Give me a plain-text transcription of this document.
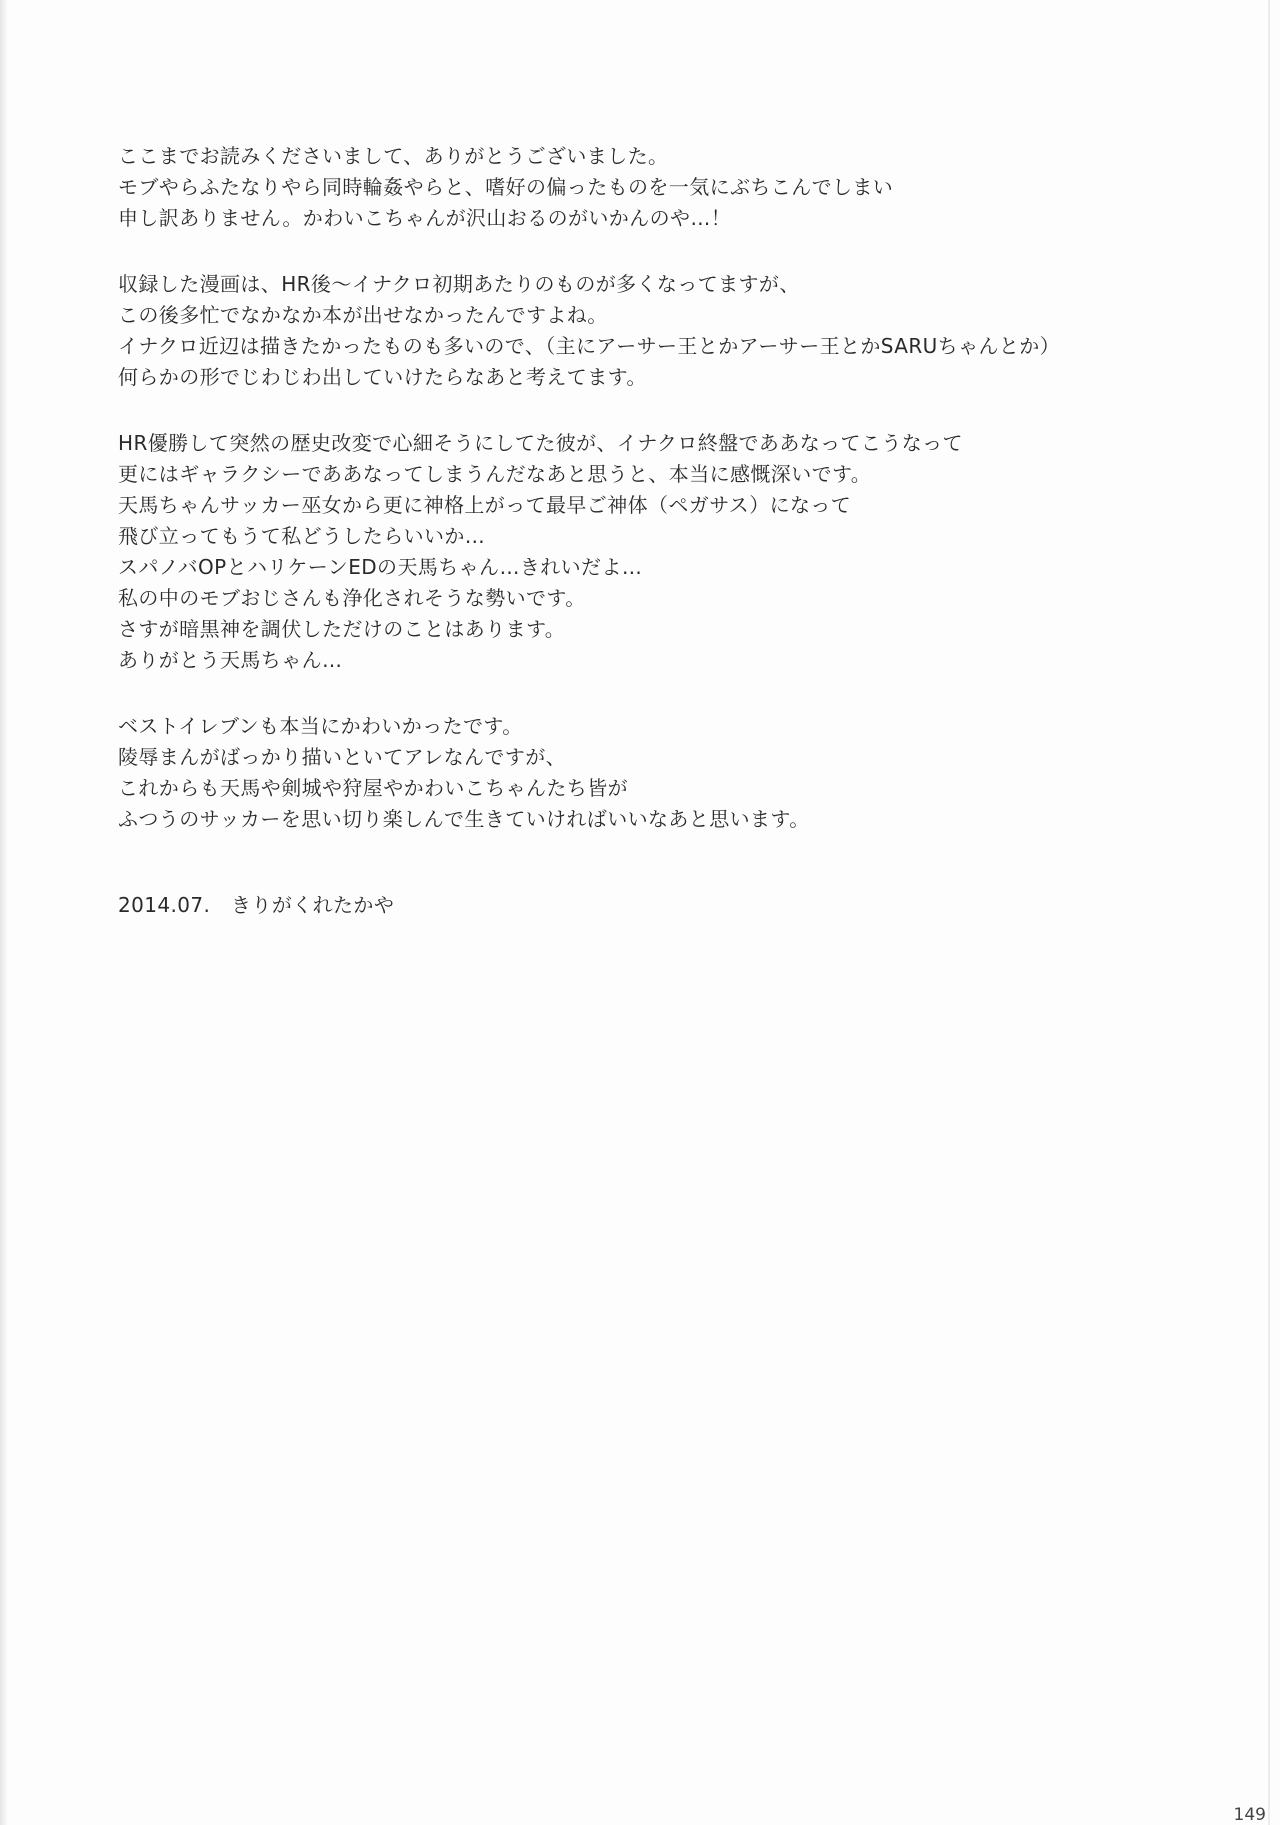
ここまでお読みくださいまして、ありがとうございました。
モブやらふたなりやら同時輪姦やらと、嗜好の偏ったものを一気にぶちこんでしまい
申し訳ありません。かわいこちゃんが沢山おるのがいかんのや…！

収録した漫画は、HR後〜イナクロ初期あたりのものが多くなってますが、
この後多忙でなかなか本が出せなかったんですよね。
イナクロ近辺は描きたかったものも多いので、（主にアーサー王とかアーサー王とかSARUちゃんとか）
何らかの形でじわじわ出していけたらなあと考えてます。

HR優勝して突然の歴史改変で心細そうにしてた彼が、イナクロ終盤でああなってこうなって
更にはギャラクシーでああなってしまうんだなあと思うと、本当に感慨深いです。
天馬ちゃんサッカー巫女から更に神格上がって最早ご神体（ペガサス）になって
飛び立ってもうて私どうしたらいいか…
スパノバOPとハリケーンEDの天馬ちゃん…きれいだよ…
私の中のモブおじさんも浄化されそうな勢いです。
さすが暗黒神を調伏しただけのことはあります。
ありがとう天馬ちゃん…

ベストイレブンも本当にかわいかったです。
陵辱まんがばっかり描いといてアレなんですが、
これからも天馬や剣城や狩屋やかわいこちゃんたち皆が
ふつうのサッカーを思い切り楽しんで生きていければいいなあと思います。

2014.07. きりがくれたかや
149
